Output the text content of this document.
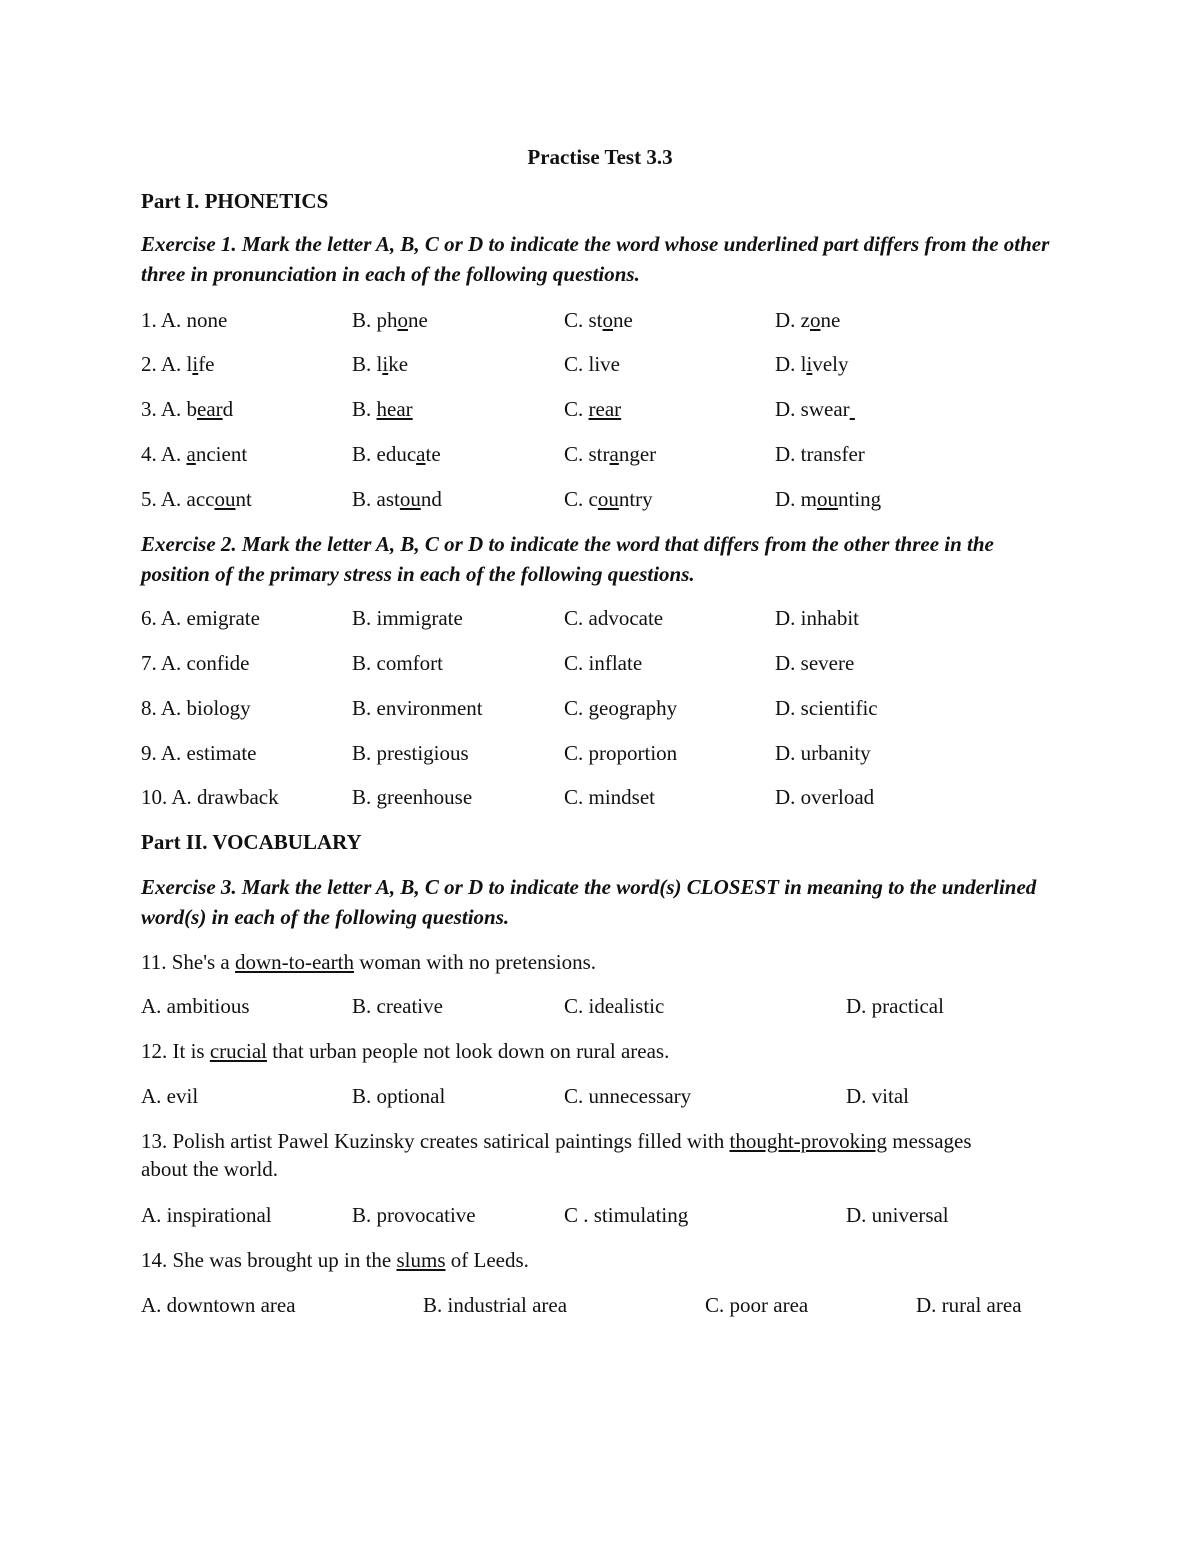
Practise Test 3.3
Part I. PHONETICS
Exercise 1. Mark the letter A, B, C or D to indicate the word whose underlined part differs from the other three in pronunciation in each of the following questions.
1. A. none	B. phone	C. stone	D. zone
2. A. life	B. like	C. live	D. lively
3. A. beard	B. hear	C. rear	D. swear
4. A. ancient	B. educate	C. stranger	D. transfer
5. A. account	B. astound	C. country	D. mounting
Exercise 2. Mark the letter A, B, C or D to indicate the word that differs from the other three in the position of the primary stress in each of the following questions.
6. A. emigrate	B. immigrate	C. advocate	D. inhabit
7. A. confide	B. comfort	C. inflate	D. severe
8. A. biology	B. environment	C. geography	D. scientific
9. A. estimate	B. prestigious	C. proportion	D. urbanity
10. A. drawback	B. greenhouse	C. mindset	D. overload
Part II. VOCABULARY
Exercise 3. Mark the letter A, B, C or D to indicate the word(s) CLOSEST in meaning to the underlined word(s) in each of the following questions.
11. She's a down-to-earth woman with no pretensions.
A. ambitious	B. creative	C. idealistic	D. practical
12. It is crucial that urban people not look down on rural areas.
A. evil	B. optional	C. unnecessary	D. vital
13. Polish artist Pawel Kuzinsky creates satirical paintings filled with thought-provoking messages about the world.
A. inspirational	B. provocative	C . stimulating	D. universal
14. She was brought up in the slums of Leeds.
A. downtown area	B. industrial area	C. poor area	D. rural area
